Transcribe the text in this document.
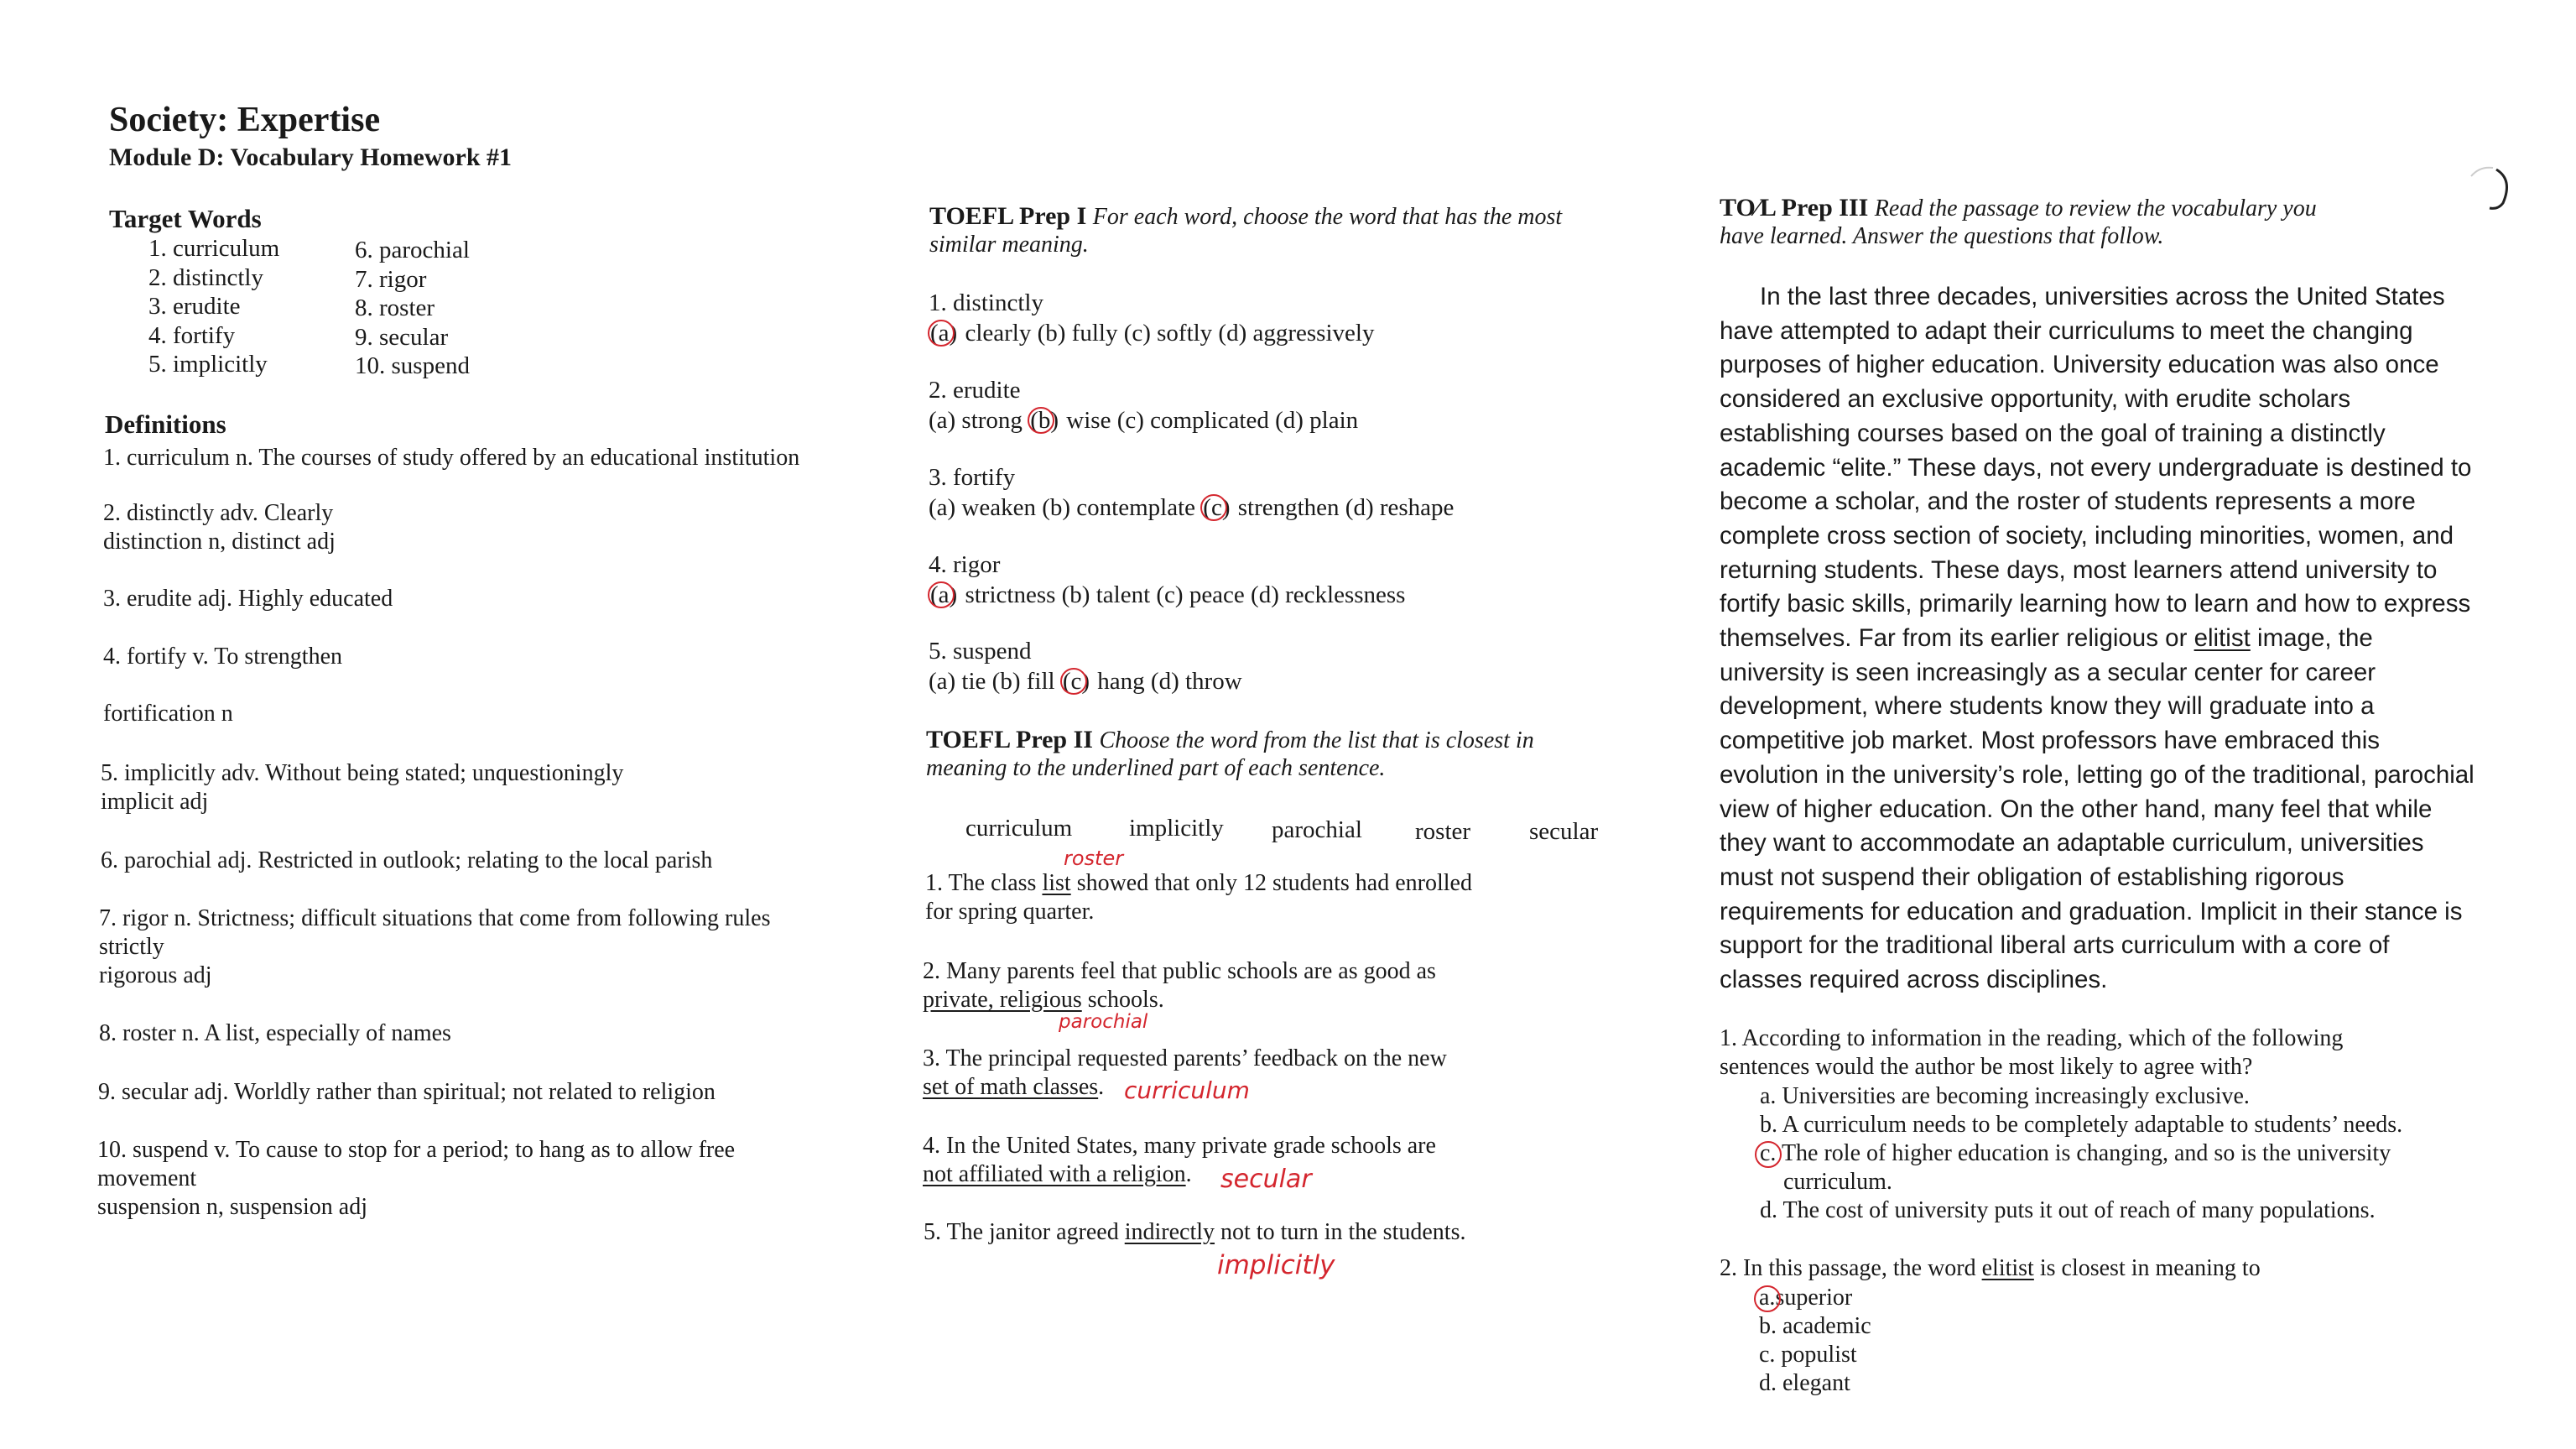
Society: Expertise
Module D: Vocabulary Homework #1
Target Words
1. curriculum
2. distinctly
3. erudite
4. fortify
5. implicitly
6. parochial
7. rigor
8. roster
9. secular
10. suspend
Definitions
1. curriculum n. The courses of study offered by an educational institution
2. distinctly adv. Clearly
distinction n, distinct adj
3. erudite adj. Highly educated
4. fortify v. To strengthen
fortification n
5. implicitly adv. Without being stated; unquestioningly
implicit adj
6. parochial adj. Restricted in outlook; relating to the local parish
7. rigor n. Strictness; difficult situations that come from following rules
strictly
rigorous adj
8. roster n. A list, especially of names
9. secular adj. Worldly rather than spiritual; not related to religion
10. suspend v. To cause to stop for a period; to hang as to allow free
movement
suspension n, suspension adj
TOEFL Prep I For each word, choose the word that has the most
similar meaning.
1. distinctly
(a) clearly (b) fully (c) softly (d) aggressively
2. erudite
(a) strong (b) wise (c) complicated (d) plain
3. fortify
(a) weaken (b) contemplate (c) strengthen (d) reshape
4. rigor
(a) strictness (b) talent (c) peace (d) recklessness
5. suspend
(a) tie (b) fill (c) hang (d) throw
TOEFL Prep II Choose the word from the list that is closest in
meaning to the underlined part of each sentence.
curriculum implicitly parochial roster secular
1. The class list showed that only 12 students had enrolled
for spring quarter.
roster
2. Many parents feel that public schools are as good as
private, religious schools.
parochial
3. The principal requested parents’ feedback on the new
set of math classes. curriculum
4. In the United States, many private grade schools are
not affiliated with a religion.	secular
5. The janitor agreed indirectly not to turn in the students.
implicitly
TO⁄L Prep III Read the passage to review the vocabulary you
have learned. Answer the questions that follow.

In the last three decades, universities across the United States have attempted to adapt their curriculums to meet the changing purposes of higher education. University education was also once considered an exclusive opportunity, with erudite scholars establishing courses based on the goal of training a distinctly academic “elite.” These days, not every undergraduate is destined to become a scholar, and the roster of students represents a more complete cross section of society, including minorities, women, and returning students. These days, most learners attend university to fortify basic skills, primarily learning how to learn and how to express themselves. Far from its earlier religious or elitist image, the university is seen increasingly as a secular center for career development, where students know they will graduate into a competitive job market. Most professors have embraced this evolution in the university’s role, letting go of the traditional, parochial view of higher education. On the other hand, many feel that while they want to accommodate an adaptable curriculum, universities must not suspend their obligation of establishing rigorous requirements for education and graduation. Implicit in their stance is support for the traditional liberal arts curriculum with a core of classes required across disciplines.

1. According to information in the reading, which of the following
sentences would the author be most likely to agree with?
a. Universities are becoming increasingly exclusive.
b. A curriculum needs to be completely adaptable to students’ needs.
c. The role of higher education is changing, and so is the university
curriculum.
d. The cost of university puts it out of reach of many populations.
2. In this passage, the word elitist is closest in meaning to
a.
superior
b. academic
c. populist
d. elegant
